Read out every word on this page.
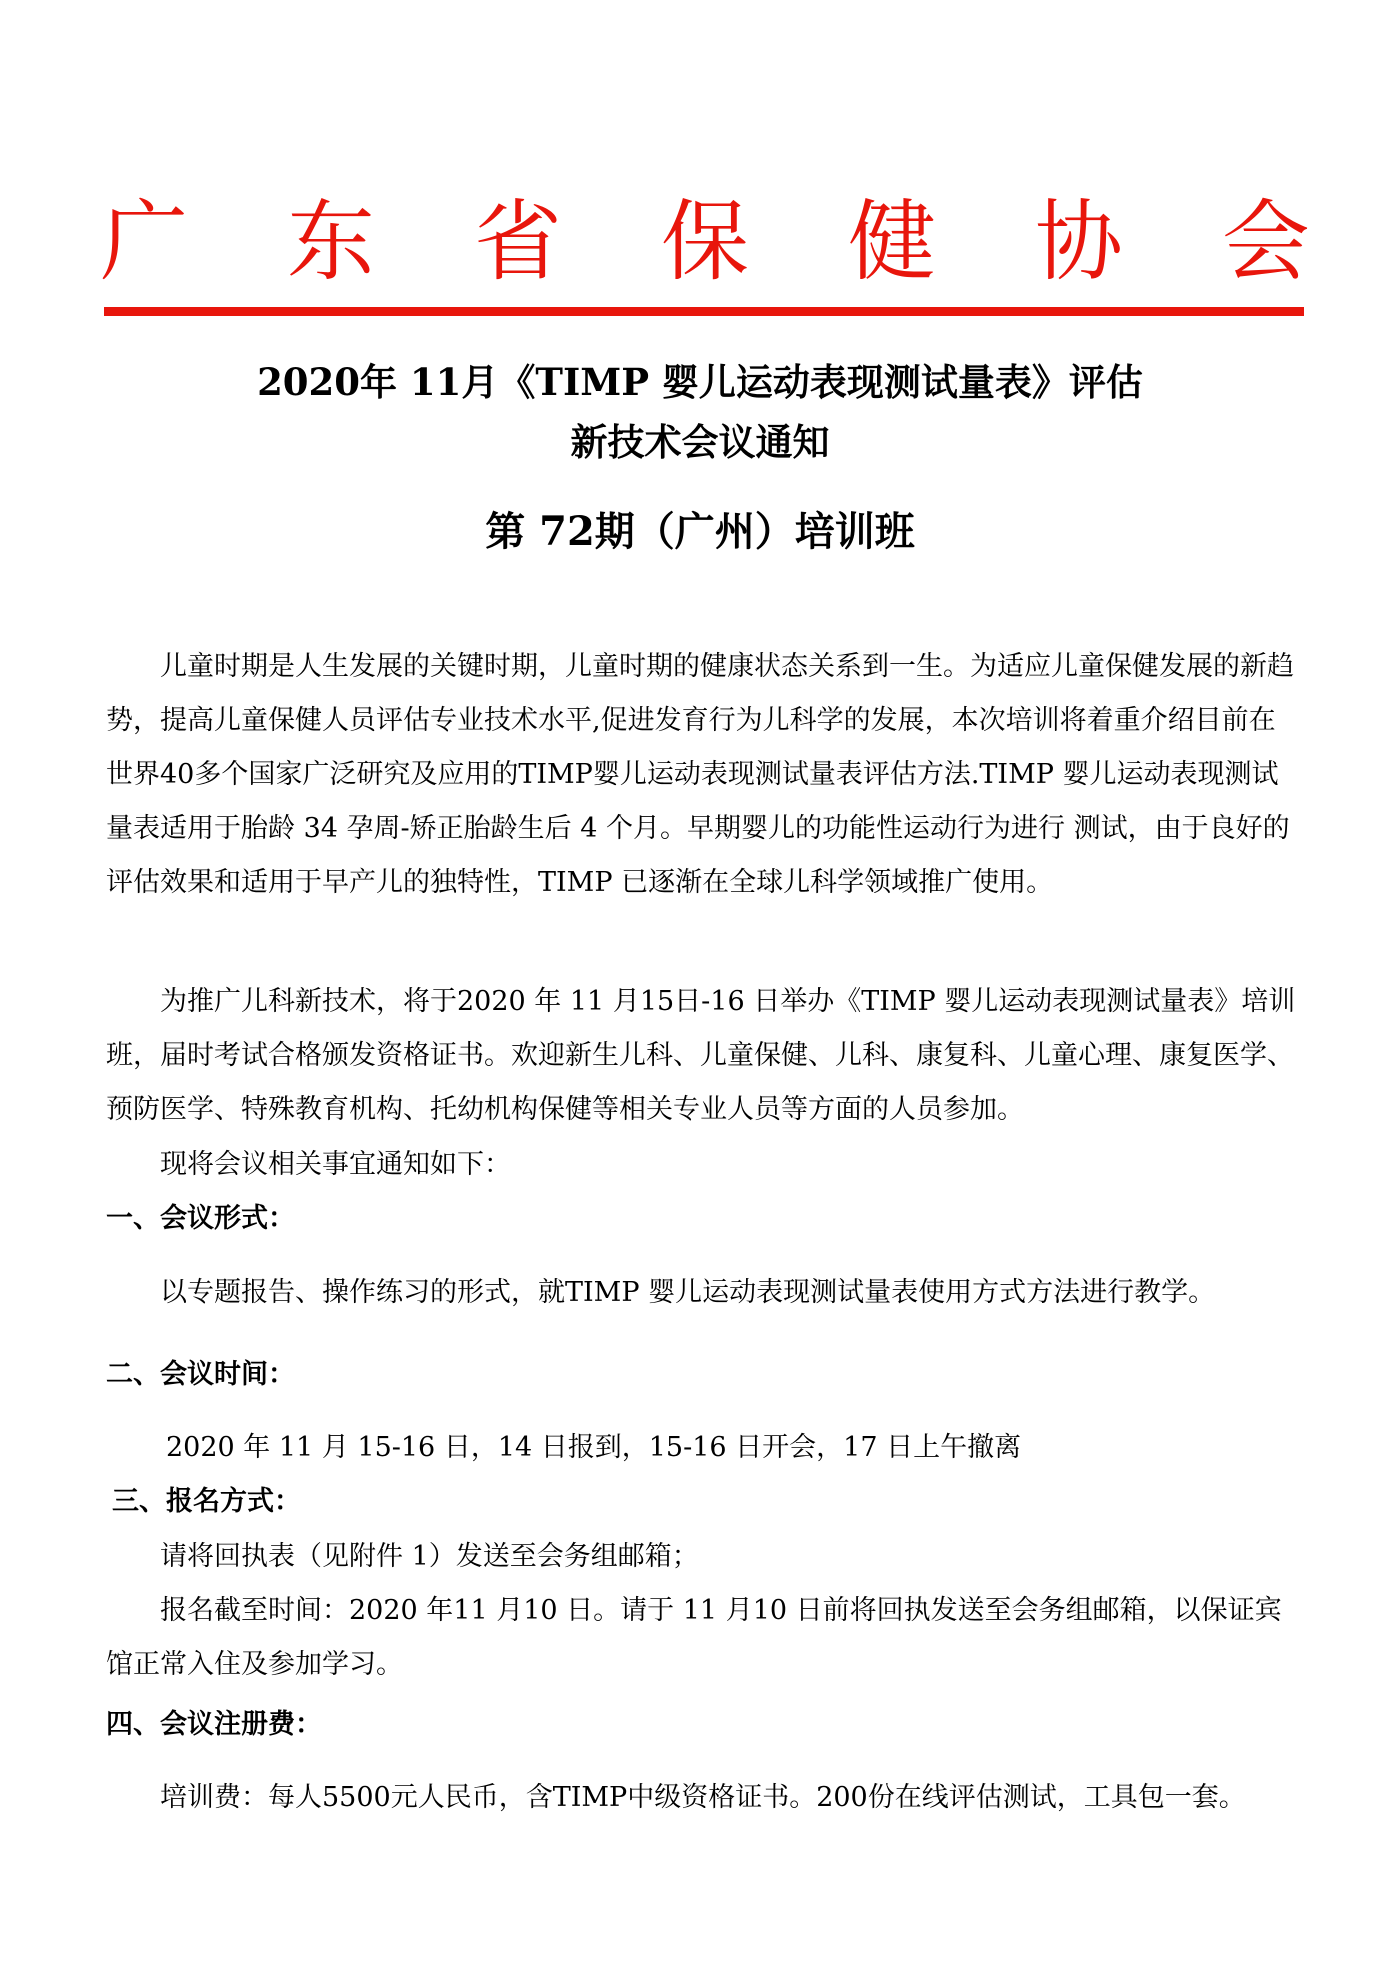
广 东 省 保 健 协 会
2020年 11月《TIMP 婴儿运动表现测试量表》评估
新技术会议通知
第 72期（广州）培训班
儿童时期是人生发展的关键时期，儿童时期的健康状态关系到一生。为适应儿童保健发展的新趋势，提高儿童保健人员评估专业技术水平,促进发育行为儿科学的发展，本次培训将着重介绍目前在世界40多个国家广泛研究及应用的TIMP婴儿运动表现测试量表评估方法.TIMP 婴儿运动表现测试量表适用于胎龄 34 孕周-矫正胎龄生后 4 个月。早期婴儿的功能性运动行为进行 测试，由于良好的评估效果和适用于早产儿的独特性，TIMP 已逐渐在全球儿科学领域推广使用。
为推广儿科新技术，将于2020 年 11 月15日-16 日举办《TIMP 婴儿运动表现测试量表》培训班，届时考试合格颁发资格证书。欢迎新生儿科、儿童保健、儿科、康复科、儿童心理、康复医学、预防医学、特殊教育机构、托幼机构保健等相关专业人员等方面的人员参加。
现将会议相关事宜通知如下：
一、会议形式：
以专题报告、操作练习的形式，就TIMP 婴儿运动表现测试量表使用方式方法进行教学。
二、会议时间：
2020 年 11 月 15-16 日，14 日报到，15-16 日开会，17 日上午撤离
三、报名方式：
请将回执表（见附件 1）发送至会务组邮箱；
报名截至时间：2020 年11 月10 日。请于 11 月10 日前将回执发送至会务组邮箱，以保证宾馆正常入住及参加学习。
四、会议注册费：
培训费：每人5500元人民币，含TIMP中级资格证书。200份在线评估测试，工具包一套。
